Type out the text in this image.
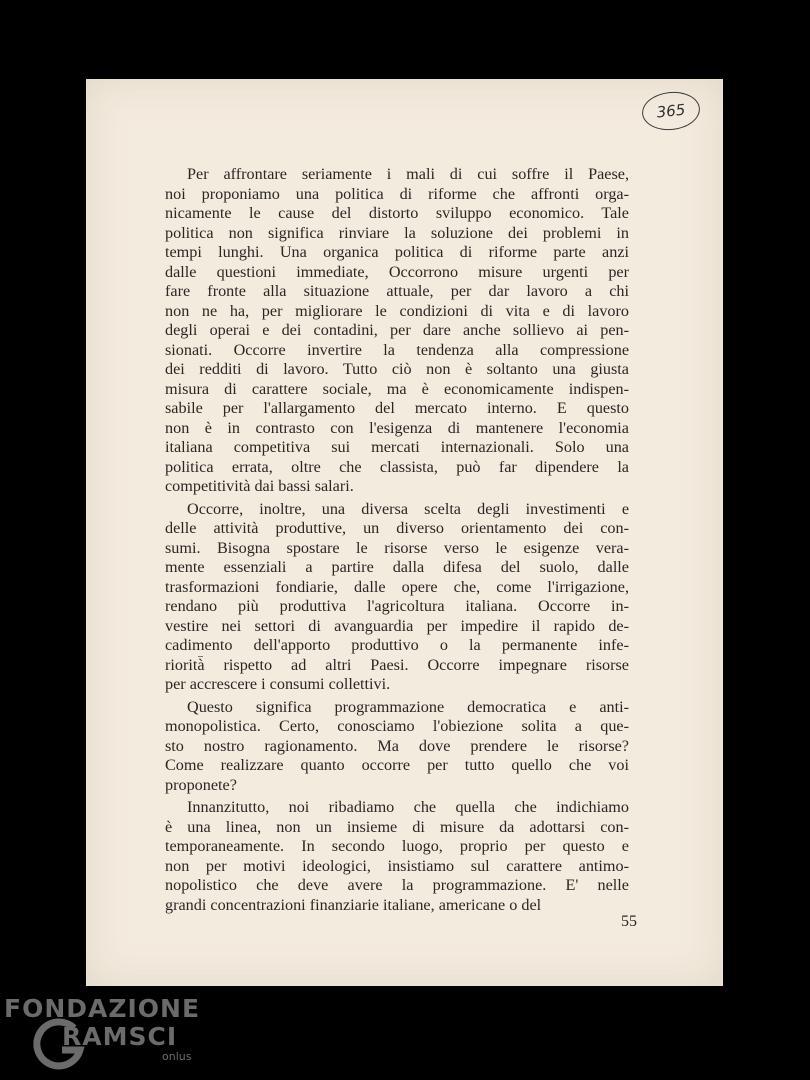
365
Per affrontare seriamente i mali di cui soffre il Paese,
noi proponiamo una politica di riforme che affronti orga-
nicamente le cause del distorto sviluppo economico. Tale
politica non significa rinviare la soluzione dei problemi in
tempi lunghi. Una organica politica di riforme parte anzi
dalle questioni immediate, Occorrono misure urgenti per
fare fronte alla situazione attuale, per dar lavoro a chi
non ne ha, per migliorare le condizioni di vita e di lavoro
degli operai e dei contadini, per dare anche sollievo ai pen-
sionati. Occorre invertire la tendenza alla compressione
dei redditi di lavoro. Tutto ciò non è soltanto una giusta
misura di carattere sociale, ma è economicamente indispen-
sabile per l'allargamento del mercato interno. E questo
non è in contrasto con l'esigenza di mantenere l'economia
italiana competitiva sui mercati internazionali. Solo una
politica errata, oltre che classista, può far dipendere la
competitività dai bassi salari.
Occorre, inoltre, una diversa scelta degli investimenti e
delle attività produttive, un diverso orientamento dei con-
sumi. Bisogna spostare le risorse verso le esigenze vera-
mente essenziali a partire dalla difesa del suolo, dalle
trasformazioni fondiarie, dalle opere che, come l'irrigazione,
rendano più produttiva l'agricoltura italiana. Occorre in-
vestire nei settori di avanguardia per impedire il rapido de-
cadimento dell'apporto produttivo o la permanente infe-
riorità rispetto ad altri Paesi. Occorre impegnare risorse
per accrescere i consumi collettivi.
Questo significa programmazione democratica e anti-
monopolistica. Certo, conosciamo l'obiezione solita a que-
sto nostro ragionamento. Ma dove prendere le risorse?
Come realizzare quanto occorre per tutto quello che voi
proponete?
Innanzitutto, noi ribadiamo che quella che indichiamo
è una linea, non un insieme di misure da adottarsi con-
temporaneamente. In secondo luogo, proprio per questo e
non per motivi ideologici, insistiamo sul carattere antimo-
nopolistico che deve avere la programmazione. E' nelle
grandi concentrazioni finanziarie italiane, americane o del
55
FONDAZIONE
RAMSCI
onlus
